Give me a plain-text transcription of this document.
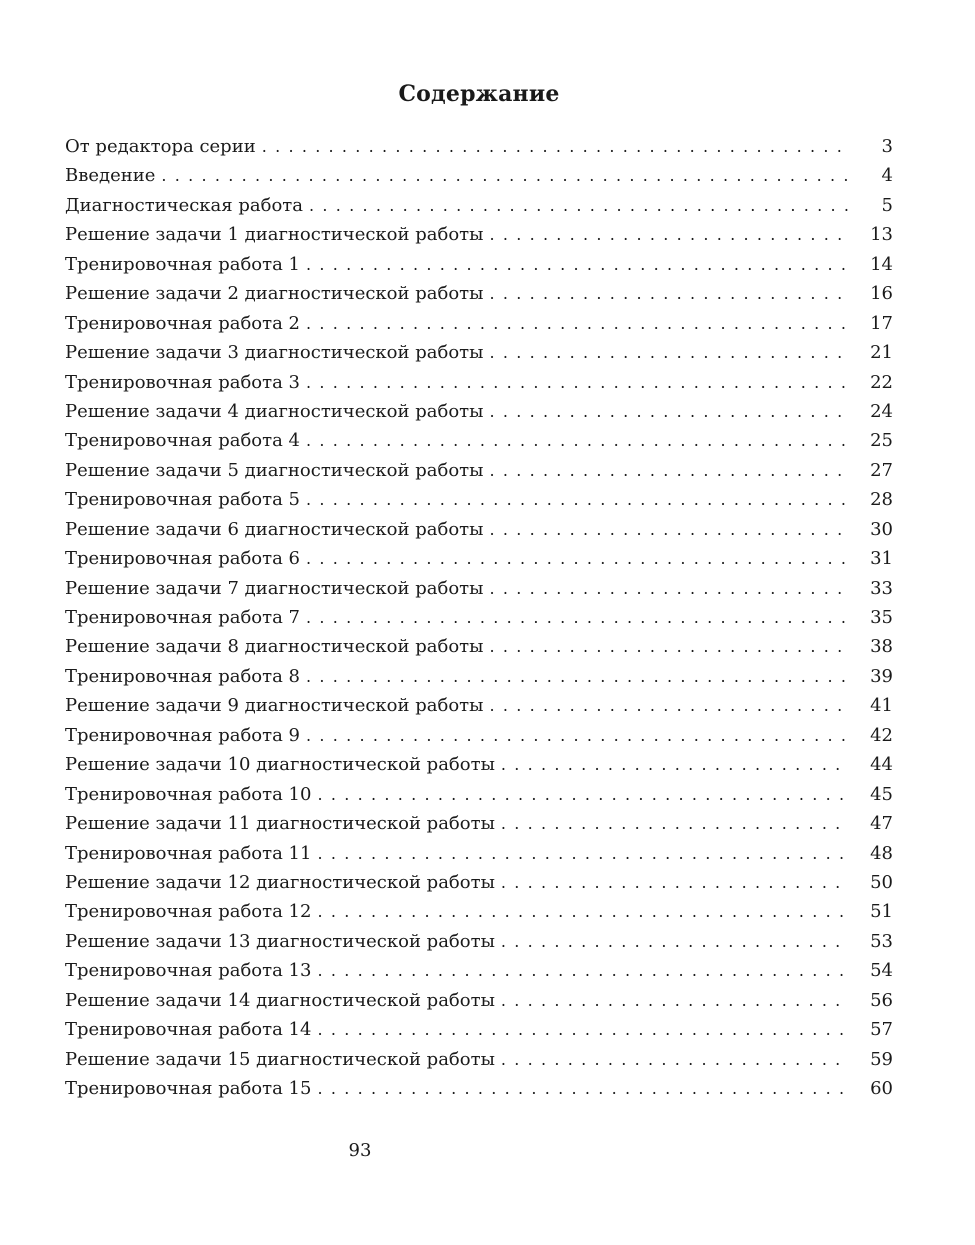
Содержание
От редактора серии . . .	3
Введение . . .	4
Диагностическая работа . . .	5
Решение задачи 1 диагностической работы . . .	13
Тренировочная работа 1 . . .	14
Решение задачи 2 диагностической работы . . .	16
Тренировочная работа 2 . . .	17
Решение задачи 3 диагностической работы . . .	21
Тренировочная работа 3 . . .	22
Решение задачи 4 диагностической работы . . .	24
Тренировочная работа 4 . . .	25
Решение задачи 5 диагностической работы . . .	27
Тренировочная работа 5 . . .	28
Решение задачи 6 диагностической работы . . .	30
Тренировочная работа 6 . . .	31
Решение задачи 7 диагностической работы . . .	33
Тренировочная работа 7 . . .	35
Решение задачи 8 диагностической работы . . .	38
Тренировочная работа 8 . . .	39
Решение задачи 9 диагностической работы . . .	41
Тренировочная работа 9 . . .	42
Решение задачи 10 диагностической работы . . .	44
Тренировочная работа 10 . . .	45
Решение задачи 11 диагностической работы . . .	47
Тренировочная работа 11 . . .	48
Решение задачи 12 диагностической работы . . .	50
Тренировочная работа 12 . . .	51
Решение задачи 13 диагностической работы . . .	53
Тренировочная работа 13 . . .	54
Решение задачи 14 диагностической работы . . .	56
Тренировочная работа 14 . . .	57
Решение задачи 15 диагностической работы . . .	59
Тренировочная работа 15 . . .	60
93
